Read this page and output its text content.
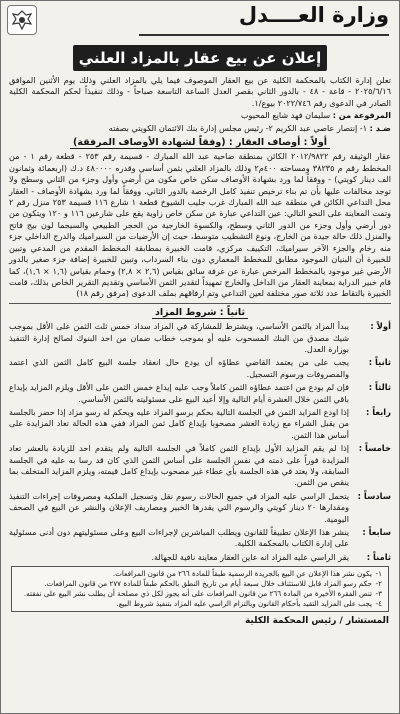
وزارة العــــدل
إعلان عن بيع عقار بالمزاد العلني
تعلن إدارة الكتاب بالمحكمة الكلية عن بيع العقار الموصوف فيما يلي بالمزاد العلني وذلك يوم الأثنين الموافق ٢٠٢٥/٦/١٦ - قاعة - ٤٨ - بالدور الثاني بقصر العدل الساعة التاسعة صباحاً - وذلك تنفيذاً لحكم المحكمة الكلية الصادر في الدعوى رقم ٢٠٢٢/٧٤٦ بيوع/١.
المرفوعة من : سليمان فهد شايع المحيوب
ضـد : ١- إنتصار عاصي عبد الكريم ٢- رئيس مجلس إدارة بنك الائتمان الكويتي بصفته
أولاً : أوصاف العقار : (وفقاً لشهادة الأوصاف المرفقة)
عقار الوثيقة رقم ٢٠١٢/٩٨٢٢ الكائن بمنطقة ضاحية عبد الله المبارك - قسيمة رقم ٢٥٣ - قطعة رقم ١ - من المخطط رقم م ٣٨٢٣٥ ومساحته ٤٠٠م٢ وذلك بالمزاد العلني بثمن أساسي وقدره ٤٨٠٠٠٠ د.ك (اربعمائة وثمانون الف دينار كويتي) - ووفقاً لما ورد بشهادة الأوصاف سكن خاص مكون من أرضي وأول وجزء من الثاني وسطح ولا توجد مخالفات عليها بأن تم بناء ترخيص تنفيذ كامل الرخصة بالدور الثاني. ووفقاً لما ورد بشهادة الأوصاف - العقار محل التداعي الكائن في منطقة عبد الله المبارك غرب جليب الشيوخ قطعة ١ شارع ١١٦ قسيمة ٢٥٣ منزل رقم ٢ وتمت المعاينة على النحو التالي: عين التداعي عبارة عن سكن خاص زاوية يقع على شارعين ١١٦ و ١٢٠ ويتكون من دور أرضي وأول وجزء من الدور الثاني وسطح، والكسوة الخارجية من الحجر الطبيعي والسيجما لون بيج فاتح والمنزل ذلك حالة جيدة من الخارج، ونوع التشطيب متوسط، حيث إن الأرضيات من السيراميك والدرج الداخلي جزء منه رخام والجزء الآخر سيراميك، التكييف مركزي، قامت الخبيرة بمطابقة المخطط المقدم من المدعي وتبين للخبيرة أن البنيان الموجود مطابق للمخطط المعماري دون بناء السرداب، وتبين للخبيرة إضافة جزء صغير بالدور الأرضي غير موجود بالمخطط المرخص عبارة عن غرفة سائق بقياس (٢,٦ × ٢,٨) وحمام بقياس (١,٦ × ١,٦)، كما قام خبير الدراية بمعاينة العقار من الداخل والخارج تمهيداً لتقدير الثمن الأساسي وتقديم التقرير الخاص بذلك، قامت الخبيرة بالتقاط عدد ثلاثة صور مختلفة لعين التداعي وتم ارفاقهم بملف الدعوى (مرفق رقم ١٨)
ثانياً : شروط المزاد
أولاً :
يبدأ المزاد بالثمن الأساسي، ويشترط للمشاركة في المزاد سداد خمس ثلث الثمن على الأقل بموجب شيك مصدق من البنك المسحوب عليه أو بموجب خطاب ضمان من احد البنوك لصالح إدارة التنفيذ بوزارة العدل.
ثانياً :
يجب على من يعتمد القاضي عطاؤه أن يودع حال انعقاد جلسة البيع كامل الثمن الذي اعتمد والمصروفات ورسوم التسجيل.
ثالثاً :
فإن لم يودع من اعتمد عطاؤه الثمن كاملاً وجب عليه إيداع خمس الثمن على الأقل ويلزم المزايد بإيداع باقي الثمن خلال العشرة أيام التالية وإلا أعيد البيع على مسئوليته بالثمن الأساسي.
رابعاً :
إذا اودع المزايد الثمن في الجلسة التالية بحكم برسو المزاد عليه ويحكم له رسو مزاد إذا حضر بالجلسة من يقبل الشراء مع زيادة العشر مصحوبا بإيداع كامل ثمن المزاد ففي هذه الحالة تعاد المزايدة على أساس هذا الثمن.
خامساً :
إذا لم يقم المزايد الأول بإيداع الثمن كاملاً في الجلسة التالية ولم يتقدم احد للزيادة بالعشر تعاد المزايدة فوراً على ذمته في نفس الجلسة على أساس الثمن الذي كان قد رسا به عليه في الجلسة السابقة، ولا يعتد في هذه الجلسة بأي عطاء غير مصحوب بإيداع كامل قيمته، ويلزم المزايد المتخلف بما ينقص من الثمن.
سادساً :
يتحمل الراسي عليه المزاد في جميع الحالات رسوم نقل وتسجيل الملكية ومصروفات إجراءات التنفيذ ومقدارها ٢٠ دينار كويتي والرسوم التي يقدرها الخبير ومصاريف الإعلان والنشر عن البيع في الصحف اليومية.
سابعاً :
ينشر هذا الإعلان تطبيقاً للقانون ويطلب المباشرين لإجراءات البيع وعلى مسئوليتهم دون أدنى مسئولية على إدارة الكتاب بالمحكمة الكلية.
ثامناً :
يقر الراسي عليه المزاد انه عاين العقار معاينة نافية للجهالة.
١-
يكون نشر هذا الإعلان عن البيع بالجريدة الرسمية طبقاً للمادة ٢٦٦ من قانون المرافعات.
٢-
حكم رسو المزاد قابل للاستئناف خلال سبعة أيام من تاريخ النطق بالحكم طبقاً للمادة ٢٧٧ من قانون المرافعات.
٣-
تنص الفقرة الأخيرة من المادة ٢٦٦ من قانون المرافعات على أنه يجوز لكل ذي مصلحة أن يطلب نشر البيع على نفقته.
٤-
يجب على المزايد التقيد بأحكام القانون وبالتزام الراسي عليه المزاد بتنفيذ شروط البيع.
المستشار / رئيس المحكمة الكلية
